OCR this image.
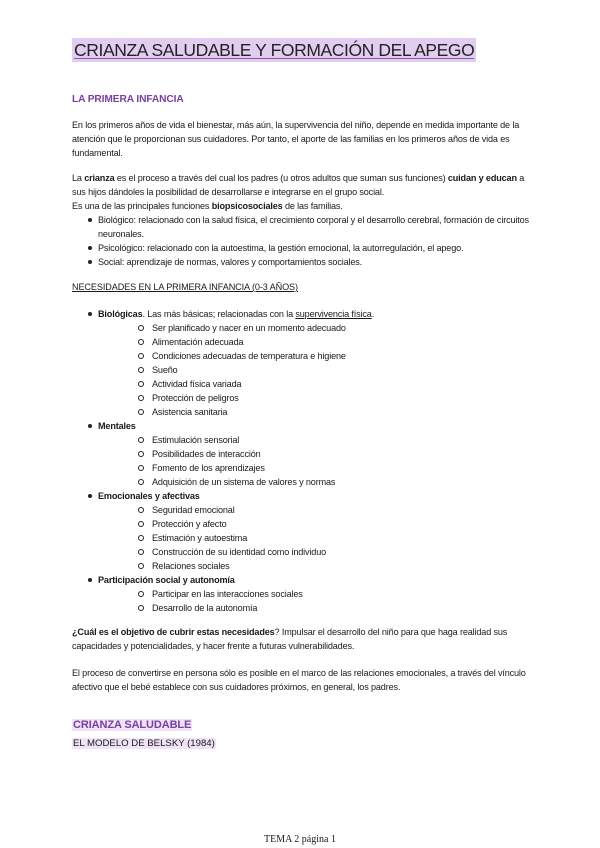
CRIANZA SALUDABLE Y FORMACIÓN DEL APEGO
LA PRIMERA INFANCIA

En los primeros años de vida el bienestar, más aún, la supervivencia del niño, depende en medida importante de la atención que le proporcionan sus cuidadores. Por tanto, el aporte de las familias en los primeros años de vida es fundamental.

La crianza es el proceso a través del cual los padres (u otros adultos que suman sus funciones) cuidan y educan a sus hijos dándoles la posibilidad de desarrollarse e integrarse en el grupo social.

Es una de las principales funciones biopsicosociales de las familias.

Biológico: relacionado con la salud física, el crecimiento corporal y el desarrollo cerebral, formación de circuitos neuronales.
Psicológico: relacionado con la autoestima, la gestión emocional, la autorregulación, el apego.
Social: aprendizaje de normas, valores y comportamientos sociales.
NECESIDADES EN LA PRIMERA INFANCIA (0-3 AÑOS)
Biológicas. Las más básicas; relacionadas con la supervivencia física.
Ser planificado y nacer en un momento adecuado
Alimentación adecuada
Condiciones adecuadas de temperatura e higiene
Sueño
Actividad física variada
Protección de peligros
Asistencia sanitaria
Mentales
Estimulación sensorial
Posibilidades de interacción
Fomento de los aprendizajes
Adquisición de un sistema de valores y normas
Emocionales y afectivas
Seguridad emocional
Protección y afecto
Estimación y autoestima
Construcción de su identidad como individuo
Relaciones sociales
Participación social y autonomía
Participar en las interacciones sociales
Desarrollo de la autonomía

¿Cuál es el objetivo de cubrir estas necesidades? Impulsar el desarrollo del niño para que haga realidad sus capacidades y potencialidades, y hacer frente a futuras vulnerabilidades.

El proceso de convertirse en persona sólo es posible en el marco de las relaciones emocionales, a través del vínculo afectivo que el bebé establece con sus cuidadores próximos, en general, los padres.

CRIANZA SALUDABLE
EL MODELO DE BELSKY (1984)
TEMA 2 página 1
